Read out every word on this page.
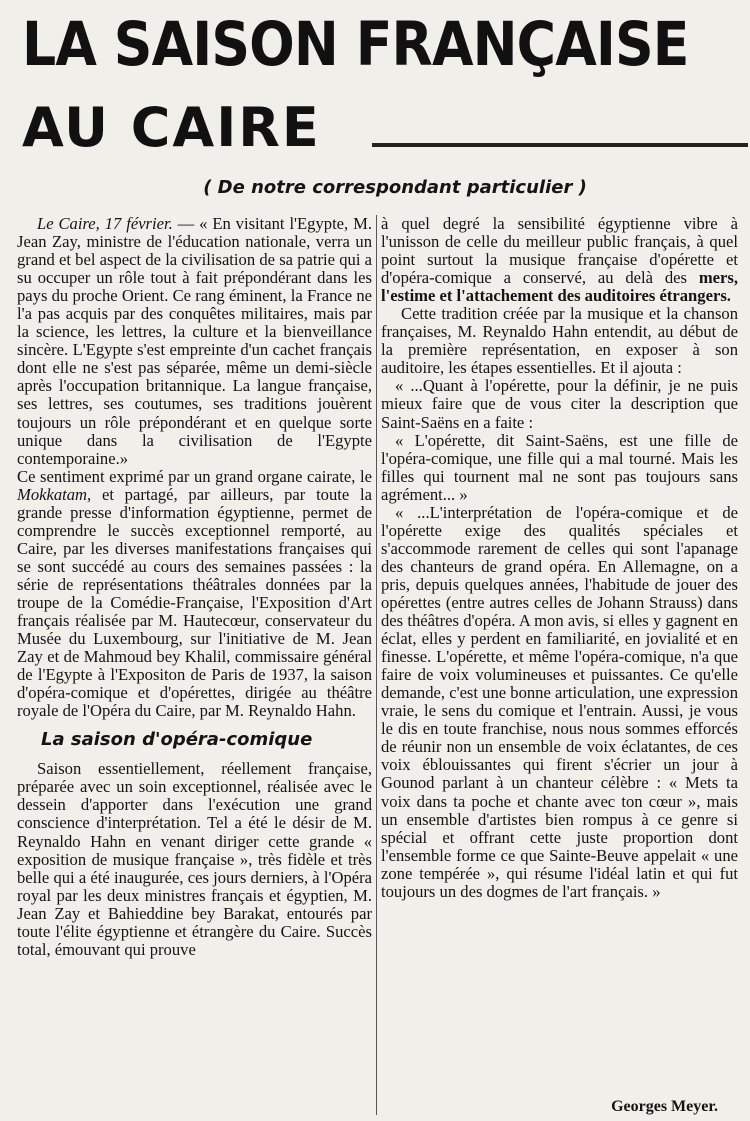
LA SAISON FRANÇAISE
AU CAIRE
( De notre correspondant particulier )

Le Caire, 17 février. — « En visitant l'Egypte, M. Jean Zay, ministre de l'éducation nationale, verra un grand et bel aspect de la civilisation de sa patrie qui a su occuper un rôle tout à fait prépondérant dans les pays du proche Orient. Ce rang éminent, la France ne l'a pas acquis par des conquêtes militaires, mais par la science, les lettres, la culture et la bienveillance sincère. L'Egypte s'est empreinte d'un cachet français dont elle ne s'est pas séparée, même un demi-siècle après l'occupation britannique. La langue française, ses lettres, ses coutumes, ses traditions jouèrent toujours un rôle prépondérant et en quelque sorte unique dans la civilisation de l'Egypte contemporaine.»

Ce sentiment exprimé par un grand organe cairate, le Mokkatam, et partagé, par ailleurs, par toute la grande presse d'information égyptienne, permet de comprendre le succès exceptionnel remporté, au Caire, par les diverses manifestations françaises qui se sont succédé au cours des semaines passées : la série de représentations théâtrales données par la troupe de la Comédie-Française, l'Exposition d'Art français réalisée par M. Hautecœur, conservateur du Musée du Luxembourg, sur l'initiative de M. Jean Zay et de Mahmoud bey Khalil, commissaire général de l'Egypte à l'Expositon de Paris de 1937, la saison d'opéra-comique et d'opérettes, dirigée au théâtre royale de l'Opéra du Caire, par M. Reynaldo Hahn.

La saison d'opéra-comique

Saison essentiellement, réellement française, préparée avec un soin exceptionnel, réalisée avec le dessein d'apporter dans l'exécution une grand conscience d'interprétation. Tel a été le désir de M. Reynaldo Hahn en venant diriger cette grande « exposition de musique française », très fidèle et très belle qui a été inaugurée, ces jours derniers, à l'Opéra royal par les deux ministres français et égyptien, M. Jean Zay et Bahieddine bey Barakat, entourés par toute l'élite égyptienne et étrangère du Caire. Succès total, émouvant qui prouve

à quel degré la sensibilité égyptienne vibre à l'unisson de celle du meilleur public français, à quel point surtout la musique française d'opérette et d'opéra-comique a conservé, au delà des mers, l'estime et l'attachement des auditoires étrangers.

Cette tradition créée par la musique et la chanson françaises, M. Reynaldo Hahn entendit, au début de la première représentation, en exposer à son auditoire, les étapes essentielles. Et il ajouta :

« ...Quant à l'opérette, pour la définir, je ne puis mieux faire que de vous citer la description que Saint-Saëns en a faite :

« L'opérette, dit Saint-Saëns, est une fille de l'opéra-comique, une fille qui a mal tourné. Mais les filles qui tournent mal ne sont pas toujours sans agrément... »

« ...L'interprétation de l'opéra-comique et de l'opérette exige des qualités spéciales et s'accommode rarement de celles qui sont l'apanage des chanteurs de grand opéra. En Allemagne, on a pris, depuis quelques années, l'habitude de jouer des opérettes (entre autres celles de Johann Strauss) dans des théâtres d'opéra. A mon avis, si elles y gagnent en éclat, elles y perdent en familiarité, en jovialité et en finesse. L'opérette, et même l'opéra-comique, n'a que faire de voix volumineuses et puissantes. Ce qu'elle demande, c'est une bonne articulation, une expression vraie, le sens du comique et l'entrain. Aussi, je vous le dis en toute franchise, nous nous sommes efforcés de réunir non un ensemble de voix éclatantes, de ces voix éblouissantes qui firent s'écrier un jour à Gounod parlant à un chanteur célèbre : « Mets ta voix dans ta poche et chante avec ton cœur », mais un ensemble d'artistes bien rompus à ce genre si spécial et offrant cette juste proportion dont l'ensemble forme ce que Sainte-Beuve appelait « une zone tempérée », qui résume l'idéal latin et qui fut toujours un des dogmes de l'art français. »

Georges Meyer.
